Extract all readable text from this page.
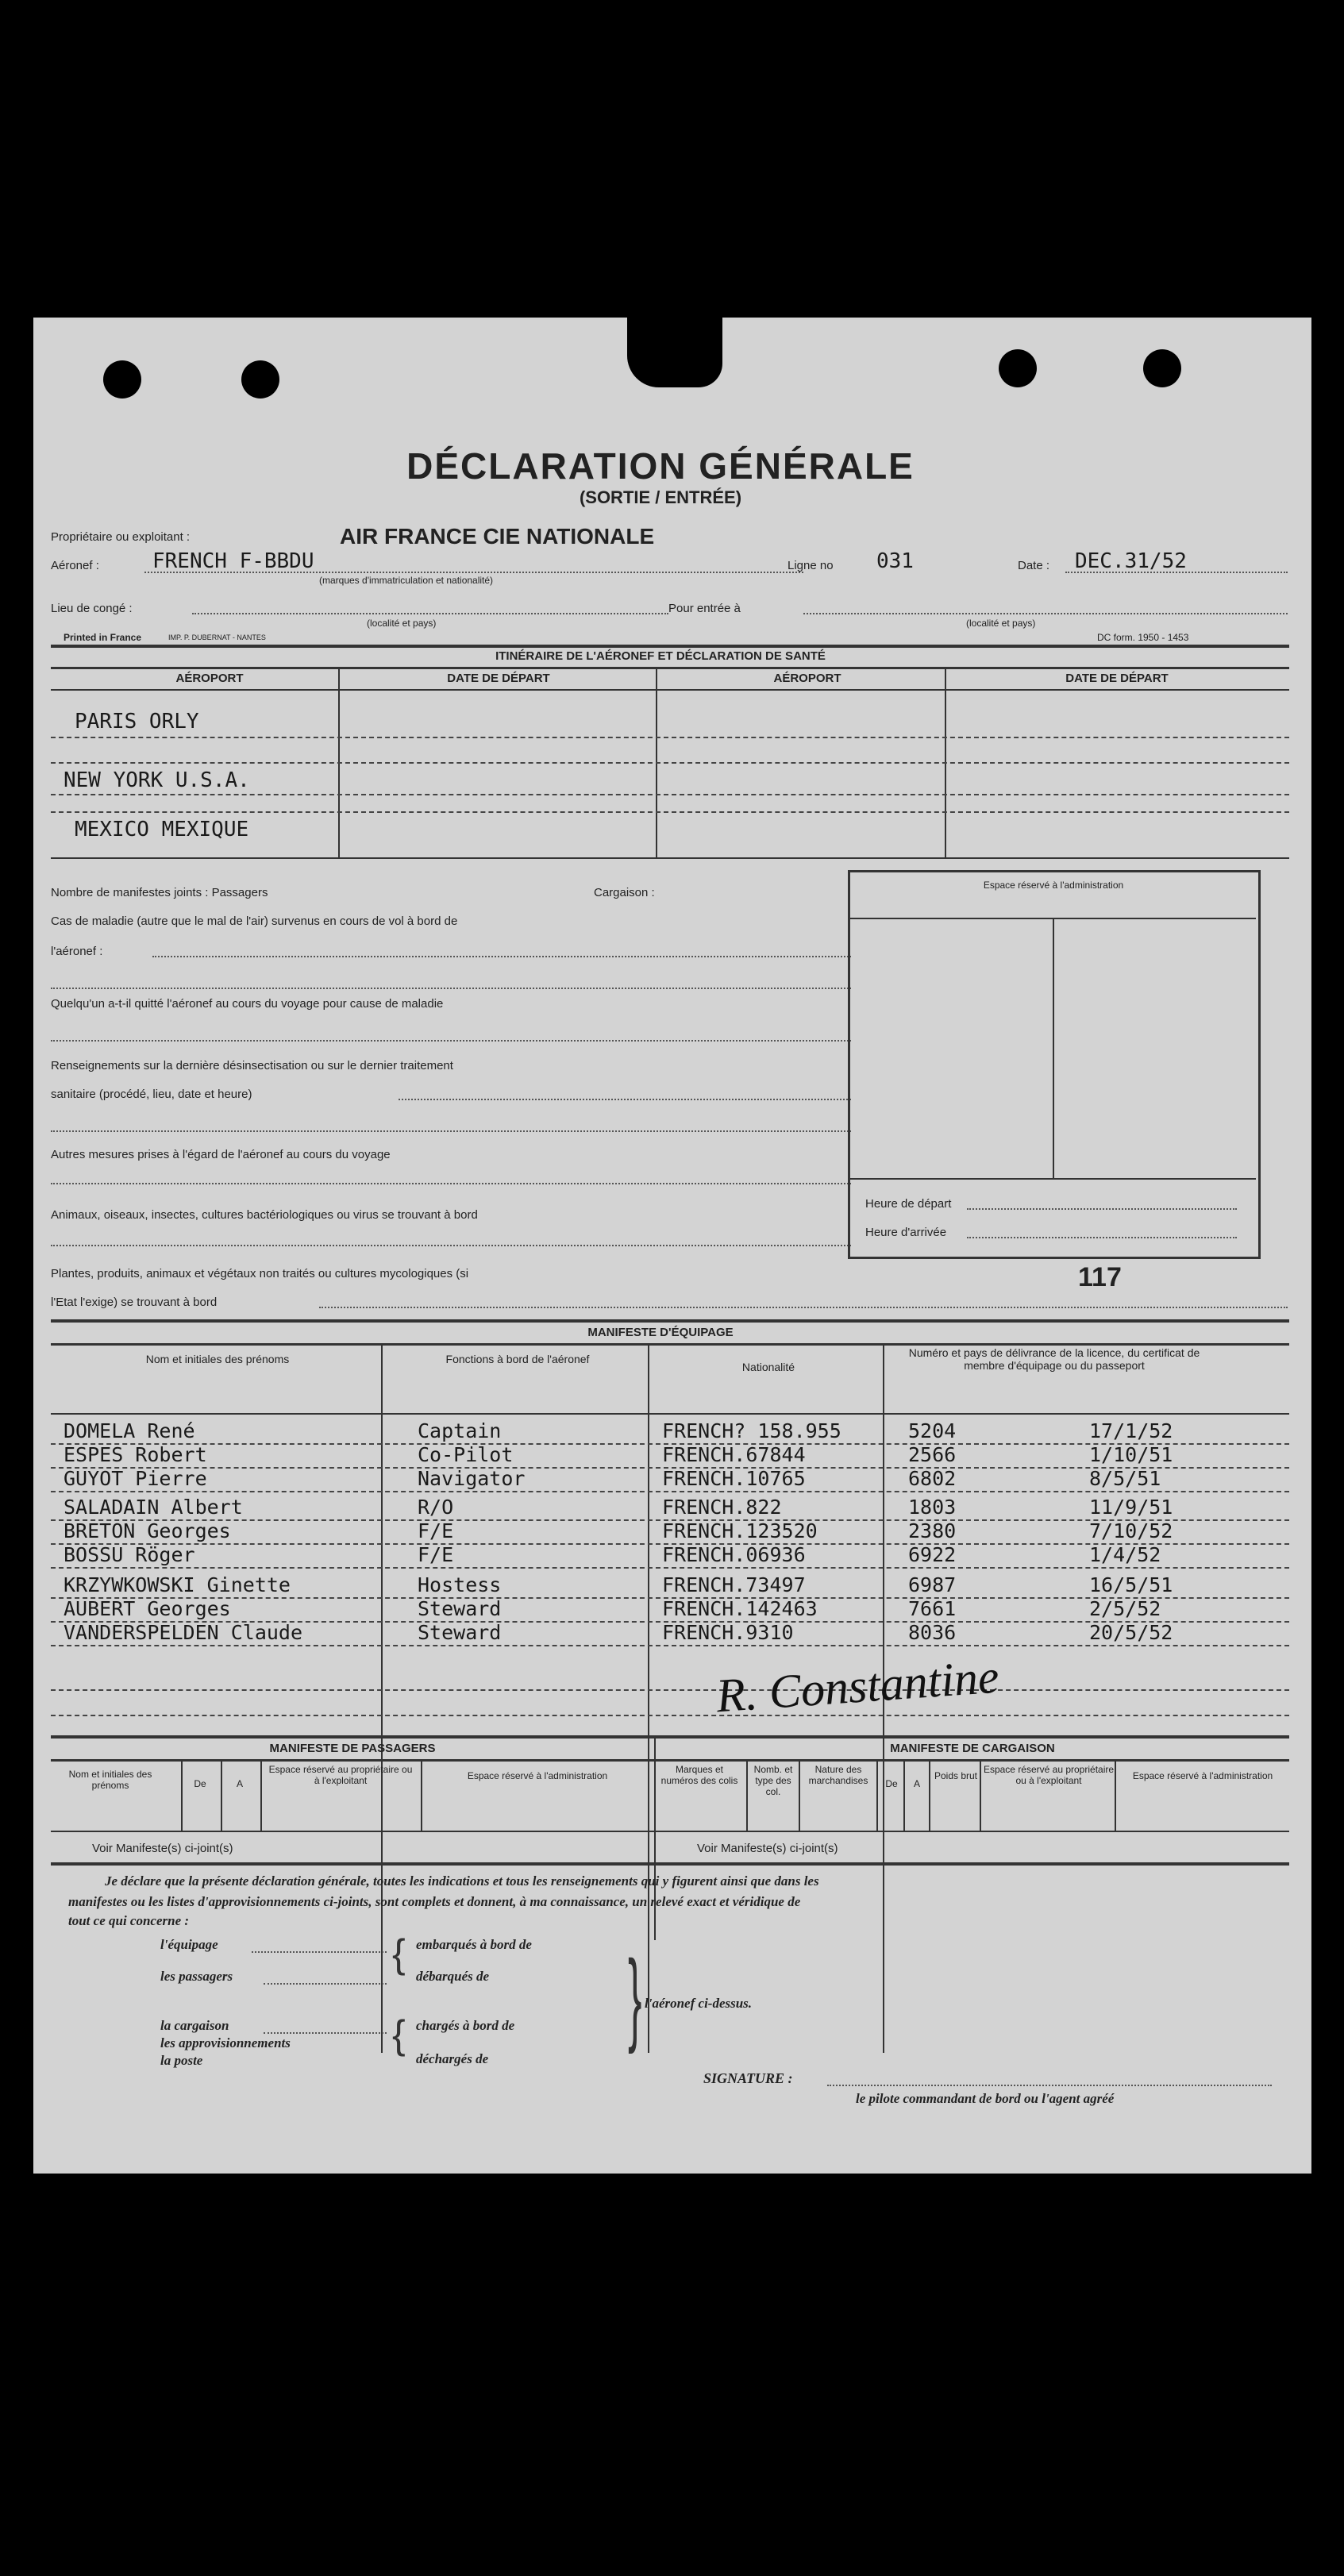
DÉCLARATION GÉNÉRALE
(SORTIE / ENTRÉE)
Propriétaire ou exploitant :	AIR FRANCE CIE NATIONALE
Aéronef :	FRENCH F-BBDU
(marques d'immatriculation et nationalité)
Ligne no 031	Date : DEC.31/52
Lieu de congé :
(localité et pays)
Pour entrée à
(localité et pays)
Printed in France	IMP. P. DUBERNAT - NANTES	DC form. 1950 - 1453
ITINÉRAIRE DE L'AÉRONEF ET DÉCLARATION DE SANTÉ
AÉROPORT	DATE DE DÉPART	AÉROPORT	DATE DE DÉPART
PARIS ORLY
NEW YORK U.S.A.
MEXICO MEXIQUE
Nombre de manifestes joints : Passagers	Cargaison :
Cas de maladie (autre que le mal de l'air) survenus en cours de vol à bord de
l'aéronef :
Quelqu'un a-t-il quitté l'aéronef au cours du voyage pour cause de maladie
Renseignements sur la dernière désinsectisation ou sur le dernier traitement
sanitaire (procédé, lieu, date et heure)
Autres mesures prises à l'égard de l'aéronef au cours du voyage
Animaux, oiseaux, insectes, cultures bactériologiques ou virus se trouvant à bord
Plantes, produits, animaux et végétaux non traités ou cultures mycologiques (si
l'Etat l'exige) se trouvant à bord
Espace réservé à l'administration
Heure de départ
Heure d'arrivée
117
MANIFESTE D'ÉQUIPAGE
Nom et initiales des prénoms	Fonctions à bord de l'aéronef
Nationalité
Numéro et pays de délivrance de la licence, du certificat de membre d'équipage ou du passeport
DOMELA René	Captain	FRENCH? 158.955	5204	17/1/52
ESPES Robert	Co-Pilot	FRENCH.67844	2566	1/10/51
GUYOT Pierre	Navigator	FRENCH.10765	6802	8/5/51
SALADAIN Albert	R/O	FRENCH.822	1803	11/9/51
BRETON Georges	F/E	FRENCH.123520	2380	7/10/52
BOSSU Röger	F/E	FRENCH.06936	6922	1/4/52
KRZYWKOWSKI Ginette	Hostess	FRENCH.73497	6987	16/5/51
AUBERT Georges	Steward	FRENCH.142463	7661	2/5/52
VANDERSPELDEN Claude	Steward	FRENCH.9310	8036	20/5/52
R. Constantine
MANIFESTE DE PASSAGERS	MANIFESTE DE CARGAISON
Nom et initiales des prénoms	De	A
Espace réservé au propriétaire ou à l'exploitant	Espace réservé à l'administration
Marques et numéros des colis
Nomb. et type des col.
Nature des marchandises	De	A
Poids brut
Espace réservé au propriétaire ou à l'exploitant	Espace réservé à l'administration
Voir Manifeste(s) ci-joint(s)	Voir Manifeste(s) ci-joint(s)
Je déclare que la présente déclaration générale, toutes les indications et tous les renseignements qui y figurent ainsi que dans les
manifestes ou les listes d'approvisionnements ci-joints, sont complets et donnent, à ma connaissance, un relevé exact et véridique de
tout ce qui concerne :
l'équipage
les passagers
la cargaison
les approvisionnements
la poste
{
{
embarqués à bord de
débarqués de
chargés à bord de
déchargés de
} l'aéronef ci-dessus.
SIGNATURE :
le pilote commandant de bord ou l'agent agréé
